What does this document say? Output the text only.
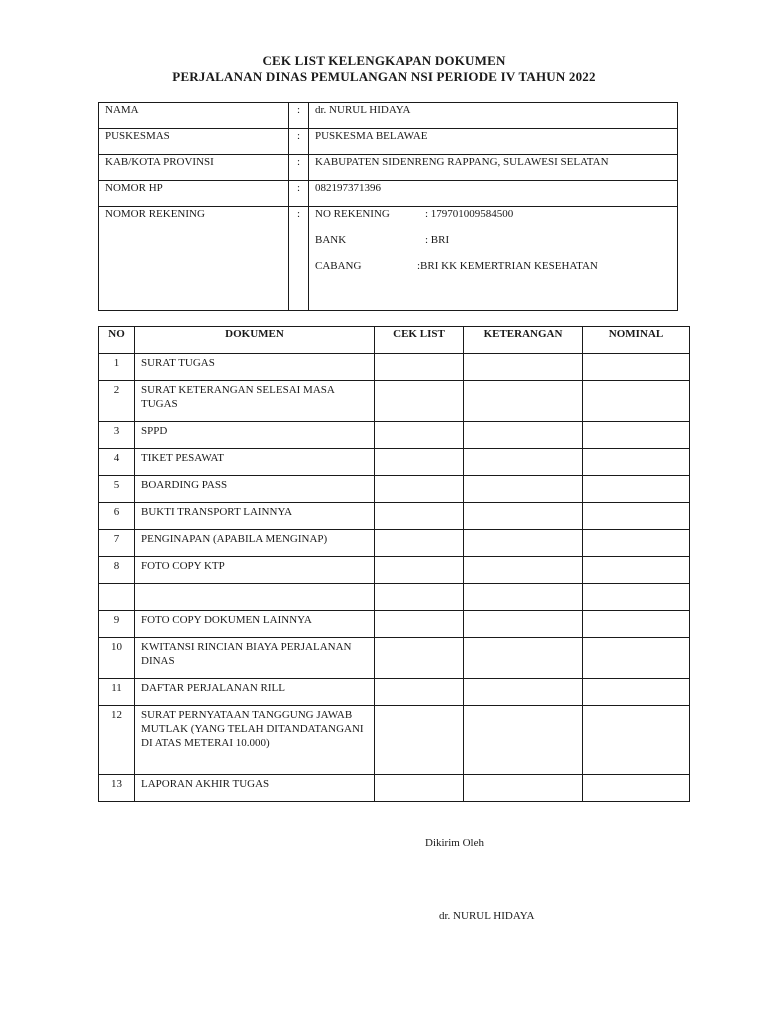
CEK LIST KELENGKAPAN DOKUMEN
PERJALANAN DINAS PEMULANGAN NSI PERIODE IV TAHUN 2022
NAMA	:	dr. NURUL HIDAYA
PUSKESMAS	:	PUSKESMA BELAWAE
KAB/KOTA PROVINSI	:	KABUPATEN SIDENRENG RAPPANG, SULAWESI SELATAN
NOMOR HP	:	082197371396
NOMOR REKENING	:	NO REKENING : 179701009584500
BANK : BRI
CABANG :BRI KK KEMERTRIAN KESEHATAN
NO	DOKUMEN	CEK LIST	KETERANGAN	NOMINAL
1	SURAT TUGAS			
2	SURAT KETERANGAN SELESAI MASA TUGAS			
3	SPPD			
4	TIKET PESAWAT			
5	BOARDING PASS			
6	BUKTI TRANSPORT LAINNYA			
7	PENGINAPAN (APABILA MENGINAP)			
8	FOTO COPY KTP			

9	FOTO COPY DOKUMEN LAINNYA			
10	KWITANSI RINCIAN BIAYA PERJALANAN DINAS			
11	DAFTAR PERJALANAN RILL			
12	SURAT PERNYATAAN TANGGUNG JAWAB MUTLAK (YANG TELAH DITANDATANGANI DI ATAS METERAI 10.000)			
13	LAPORAN AKHIR TUGAS			
Dikirim Oleh
dr. NURUL HIDAYA
